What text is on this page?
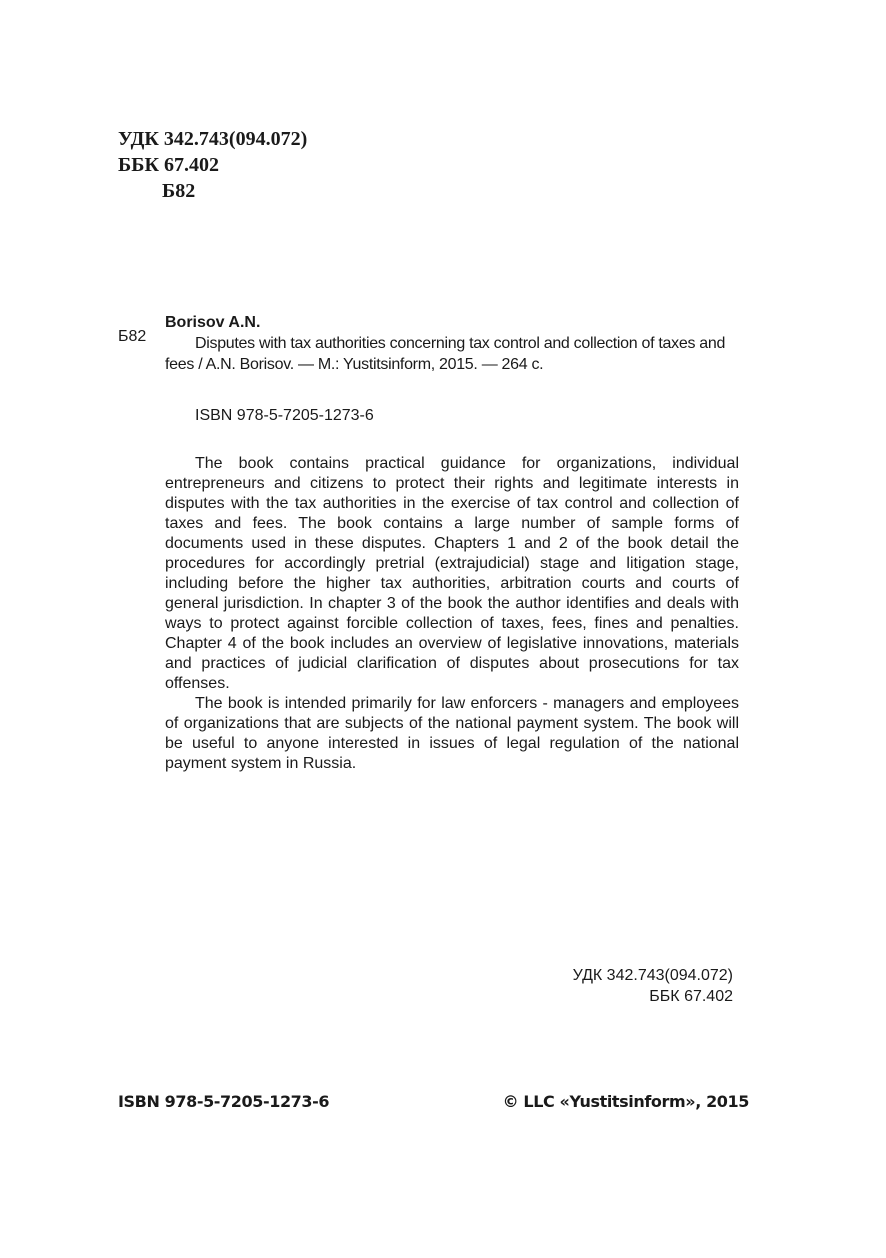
УДК 342.743(094.072)
ББК 67.402
Б82
Б82
Borisov A.N.
Disputes with tax authorities concerning tax control and collection of taxes and fees / A.N. Borisov. — M.: Yustitsinform, 2015. — 264 c.
ISBN 978-5-7205-1273-6

The book contains practical guidance for organizations, individual entrepreneurs and citizens to protect their rights and legitimate interests in disputes with the tax authorities in the exercise of tax control and collection of taxes and fees. The book contains a large number of sample forms of documents used in these disputes. Chapters 1 and 2 of the book detail the procedures for accordingly pretrial (extrajudicial) stage and litigation stage, including before the higher tax authorities, arbitration courts and courts of general jurisdiction. In chapter 3 of the book the author identifies and deals with ways to protect against forcible collection of taxes, fees, fines and penalties. Chapter 4 of the book includes an overview of legislative innovations, materials and practices of judicial clarification of disputes about prosecutions for tax offenses.

The book is intended primarily for law enforcers - managers and employees of organizations that are subjects of the national payment system. The book will be useful to anyone interested in issues of legal regulation of the national payment system in Russia.

УДК 342.743(094.072)
ББК 67.402
ISBN 978-5-7205-1273-6	© LLC «Yustitsinform», 2015
